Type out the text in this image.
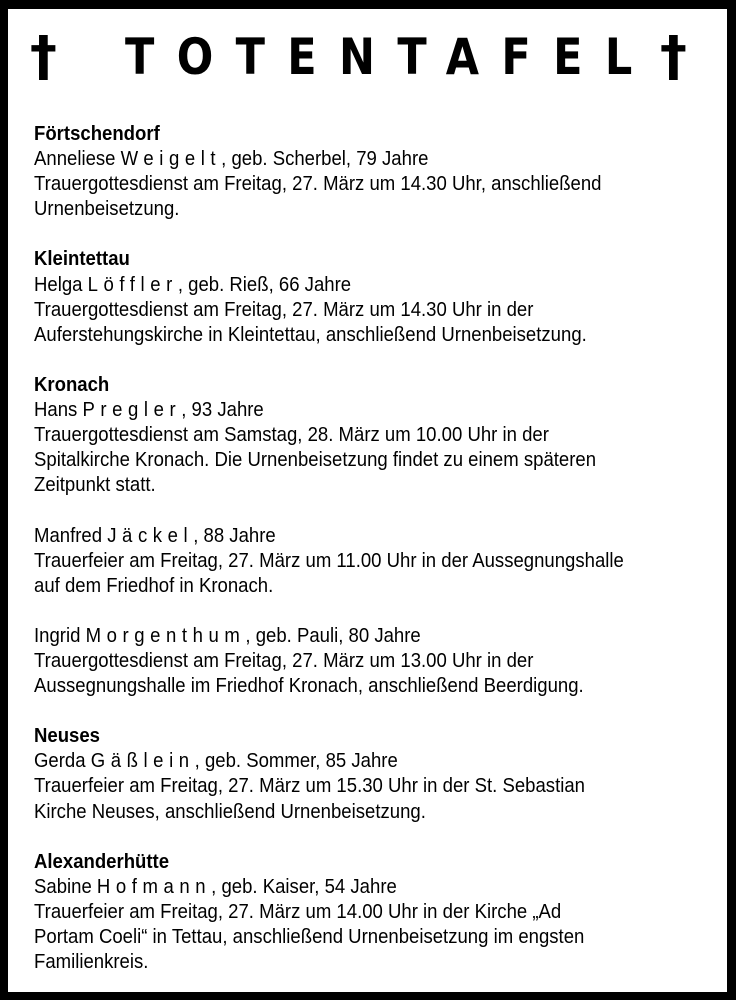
† TOTENTAFEL †
Förtschendorf
Anneliese Weigelt, geb. Scherbel, 79 Jahre
Trauergottesdienst am Freitag, 27. März um 14.30 Uhr, anschließend
Urnenbeisetzung.
Kleintettau
Helga Löffler, geb. Rieß, 66 Jahre
Trauergottesdienst am Freitag, 27. März um 14.30 Uhr in der
Auferstehungskirche in Kleintettau, anschließend Urnenbeisetzung.
Kronach
Hans Pregler, 93 Jahre
Trauergottesdienst am Samstag, 28. März um 10.00 Uhr in der
Spitalkirche Kronach. Die Urnenbeisetzung findet zu einem späteren
Zeitpunkt statt.
Manfred Jäckel, 88 Jahre
Trauerfeier am Freitag, 27. März um 11.00 Uhr in der Aussegnungshalle
auf dem Friedhof in Kronach.
Ingrid Morgenthum, geb. Pauli, 80 Jahre
Trauergottesdienst am Freitag, 27. März um 13.00 Uhr in der
Aussegnungshalle im Friedhof Kronach, anschließend Beerdigung.
Neuses
Gerda Gäßlein, geb. Sommer, 85 Jahre
Trauerfeier am Freitag, 27. März um 15.30 Uhr in der St. Sebastian
Kirche Neuses, anschließend Urnenbeisetzung.
Alexanderhütte
Sabine Hofmann, geb. Kaiser, 54 Jahre
Trauerfeier am Freitag, 27. März um 14.00 Uhr in der Kirche „Ad
Portam Coeli“ in Tettau, anschließend Urnenbeisetzung im engsten
Familienkreis.
